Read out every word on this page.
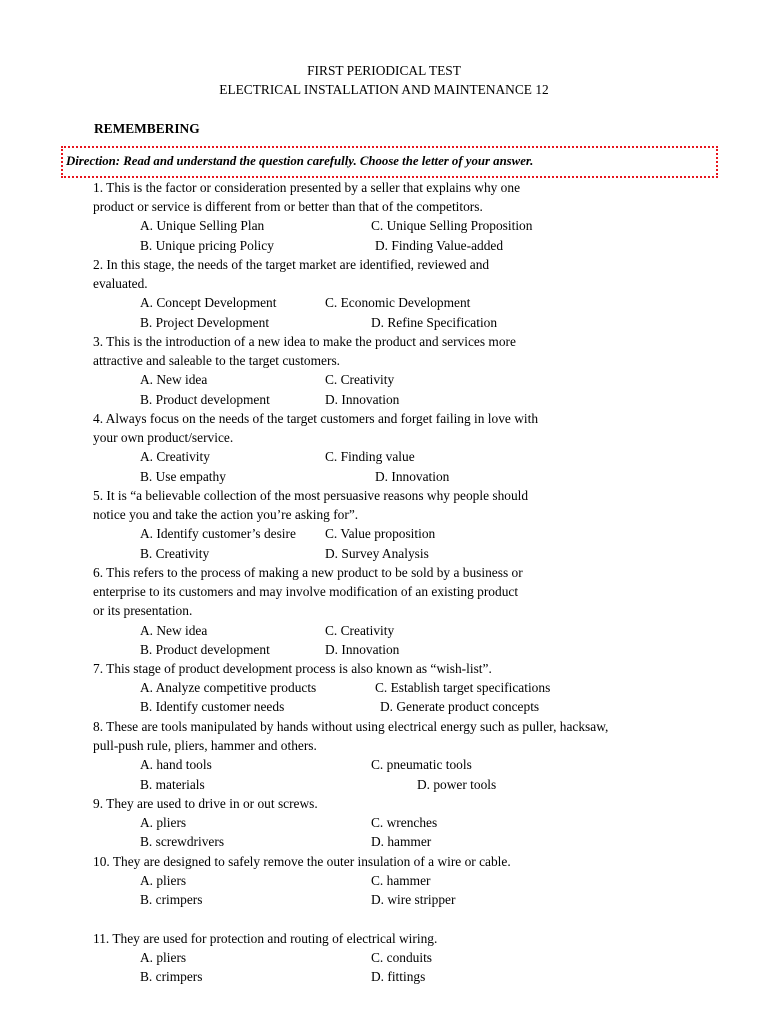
FIRST PERIODICAL TEST
ELECTRICAL INSTALLATION AND MAINTENANCE 12
REMEMBERING
Direction: Read and understand the question carefully. Choose the letter of your answer.
1. This is the factor or consideration presented by a seller that explains why one
product or service is different from or better than that of the competitors.
A. Unique Selling Plan	C. Unique Selling Proposition
B. Unique pricing Policy	D. Finding Value-added
2. In this stage, the needs of the target market are identified, reviewed and
evaluated.
A. Concept Development	C. Economic Development
B. Project Development	D. Refine Specification
3. This is the introduction of a new idea to make the product and services more
attractive and saleable to the target customers.
A. New idea	C. Creativity
B. Product development	D. Innovation
4. Always focus on the needs of the target customers and forget failing in love with
your own product/service.
A. Creativity	C. Finding value
B. Use empathy	D. Innovation
5. It is “a believable collection of the most persuasive reasons why people should
notice you and take the action you’re asking for”.
A. Identify customer’s desire C. Value proposition
B. Creativity	D. Survey Analysis
6. This refers to the process of making a new product to be sold by a business or
enterprise to its customers and may involve modification of an existing product
or its presentation.
A. New idea	C. Creativity
B. Product development	D. Innovation
7. This stage of product development process is also known as “wish-list”.
A. Analyze competitive products	C. Establish target specifications
B. Identify customer needs	D. Generate product concepts
8. These are tools manipulated by hands without using electrical energy such as puller, hacksaw,
pull-push rule, pliers, hammer and others.
A. hand tools	C. pneumatic tools
B. materials	D. power tools
9. They are used to drive in or out screws.
A. pliers	C. wrenches
B. screwdrivers	D. hammer
10. They are designed to safely remove the outer insulation of a wire or cable.
A. pliers	C. hammer
B. crimpers	D. wire stripper
11. They are used for protection and routing of electrical wiring.
A. pliers	C. conduits
B. crimpers	D. fittings
